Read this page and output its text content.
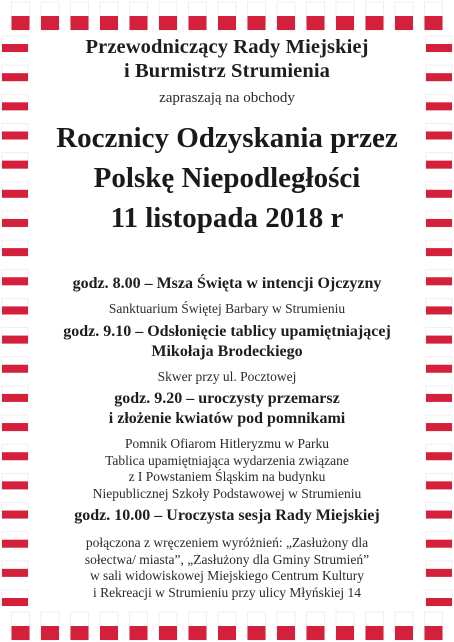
Przewodniczący Rady Miejskiej
i Burmistrz Strumienia
zapraszają na obchody
Rocznicy Odzyskania przez
Polskę Niepodległości
11 listopada 2018 r
godz. 8.00 – Msza Święta w intencji Ojczyzny
Sanktuarium Świętej Barbary w Strumieniu
godz. 9.10 – Odsłonięcie tablicy upamiętniającej
Mikołaja Brodeckiego
Skwer przy ul. Pocztowej
godz. 9.20 – uroczysty przemarsz
i złożenie kwiatów pod pomnikami
Pomnik Ofiarom Hitleryzmu w Parku
Tablica upamiętniająca wydarzenia związane
z I Powstaniem Śląskim na budynku
Niepublicznej Szkoły Podstawowej w Strumieniu
godz. 10.00 – Uroczysta sesja Rady Miejskiej
połączona z wręczeniem wyróżnień: „Zasłużony dla
sołectwa/ miasta”, „Zasłużony dla Gminy Strumień”
w sali widowiskowej Miejskiego Centrum Kultury
i Rekreacji w Strumieniu przy ulicy Młyńskiej 14
